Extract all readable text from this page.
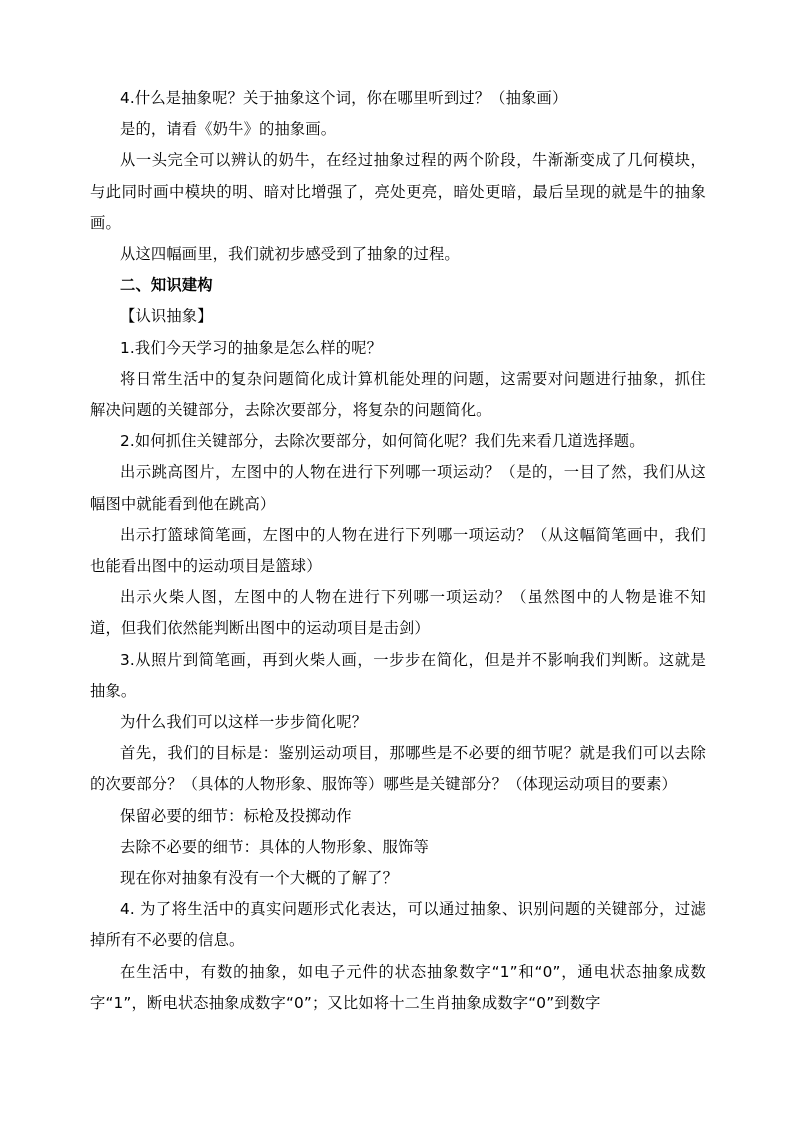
4.什么是抽象呢？关于抽象这个词，你在哪里听到过？（抽象画）

是的，请看《奶牛》的抽象画。

从一头完全可以辨认的奶牛，在经过抽象过程的两个阶段，牛渐渐变成了几何模块，与此同时画中模块的明、暗对比增强了，亮处更亮，暗处更暗，最后呈现的就是牛的抽象画。

从这四幅画里，我们就初步感受到了抽象的过程。

二、知识建构

【认识抽象】

1.我们今天学习的抽象是怎么样的呢？

将日常生活中的复杂问题简化成计算机能处理的问题，这需要对问题进行抽象，抓住解决问题的关键部分，去除次要部分，将复杂的问题简化。

2.如何抓住关键部分，去除次要部分，如何简化呢？我们先来看几道选择题。

出示跳高图片，左图中的人物在进行下列哪一项运动？（是的，一目了然，我们从这幅图中就能看到他在跳高）

出示打篮球简笔画，左图中的人物在进行下列哪一项运动？（从这幅简笔画中，我们也能看出图中的运动项目是篮球）

出示火柴人图，左图中的人物在进行下列哪一项运动？（虽然图中的人物是谁不知道，但我们依然能判断出图中的运动项目是击剑）

3.从照片到简笔画，再到火柴人画，一步步在简化，但是并不影响我们判断。这就是抽象。

为什么我们可以这样一步步简化呢？

首先，我们的目标是：鉴别运动项目，那哪些是不必要的细节呢？就是我们可以去除的次要部分？（具体的人物形象、服饰等）哪些是关键部分？（体现运动项目的要素）

保留必要的细节：标枪及投掷动作

去除不必要的细节：具体的人物形象、服饰等

现在你对抽象有没有一个大概的了解了？

4. 为了将生活中的真实问题形式化表达，可以通过抽象、识别问题的关键部分，过滤掉所有不必要的信息。

在生活中，有数的抽象，如电子元件的状态抽象数字“1”和“0”，通电状态抽象成数字“1”，断电状态抽象成数字“0”；又比如将十二生肖抽象成数字“0”到数字
